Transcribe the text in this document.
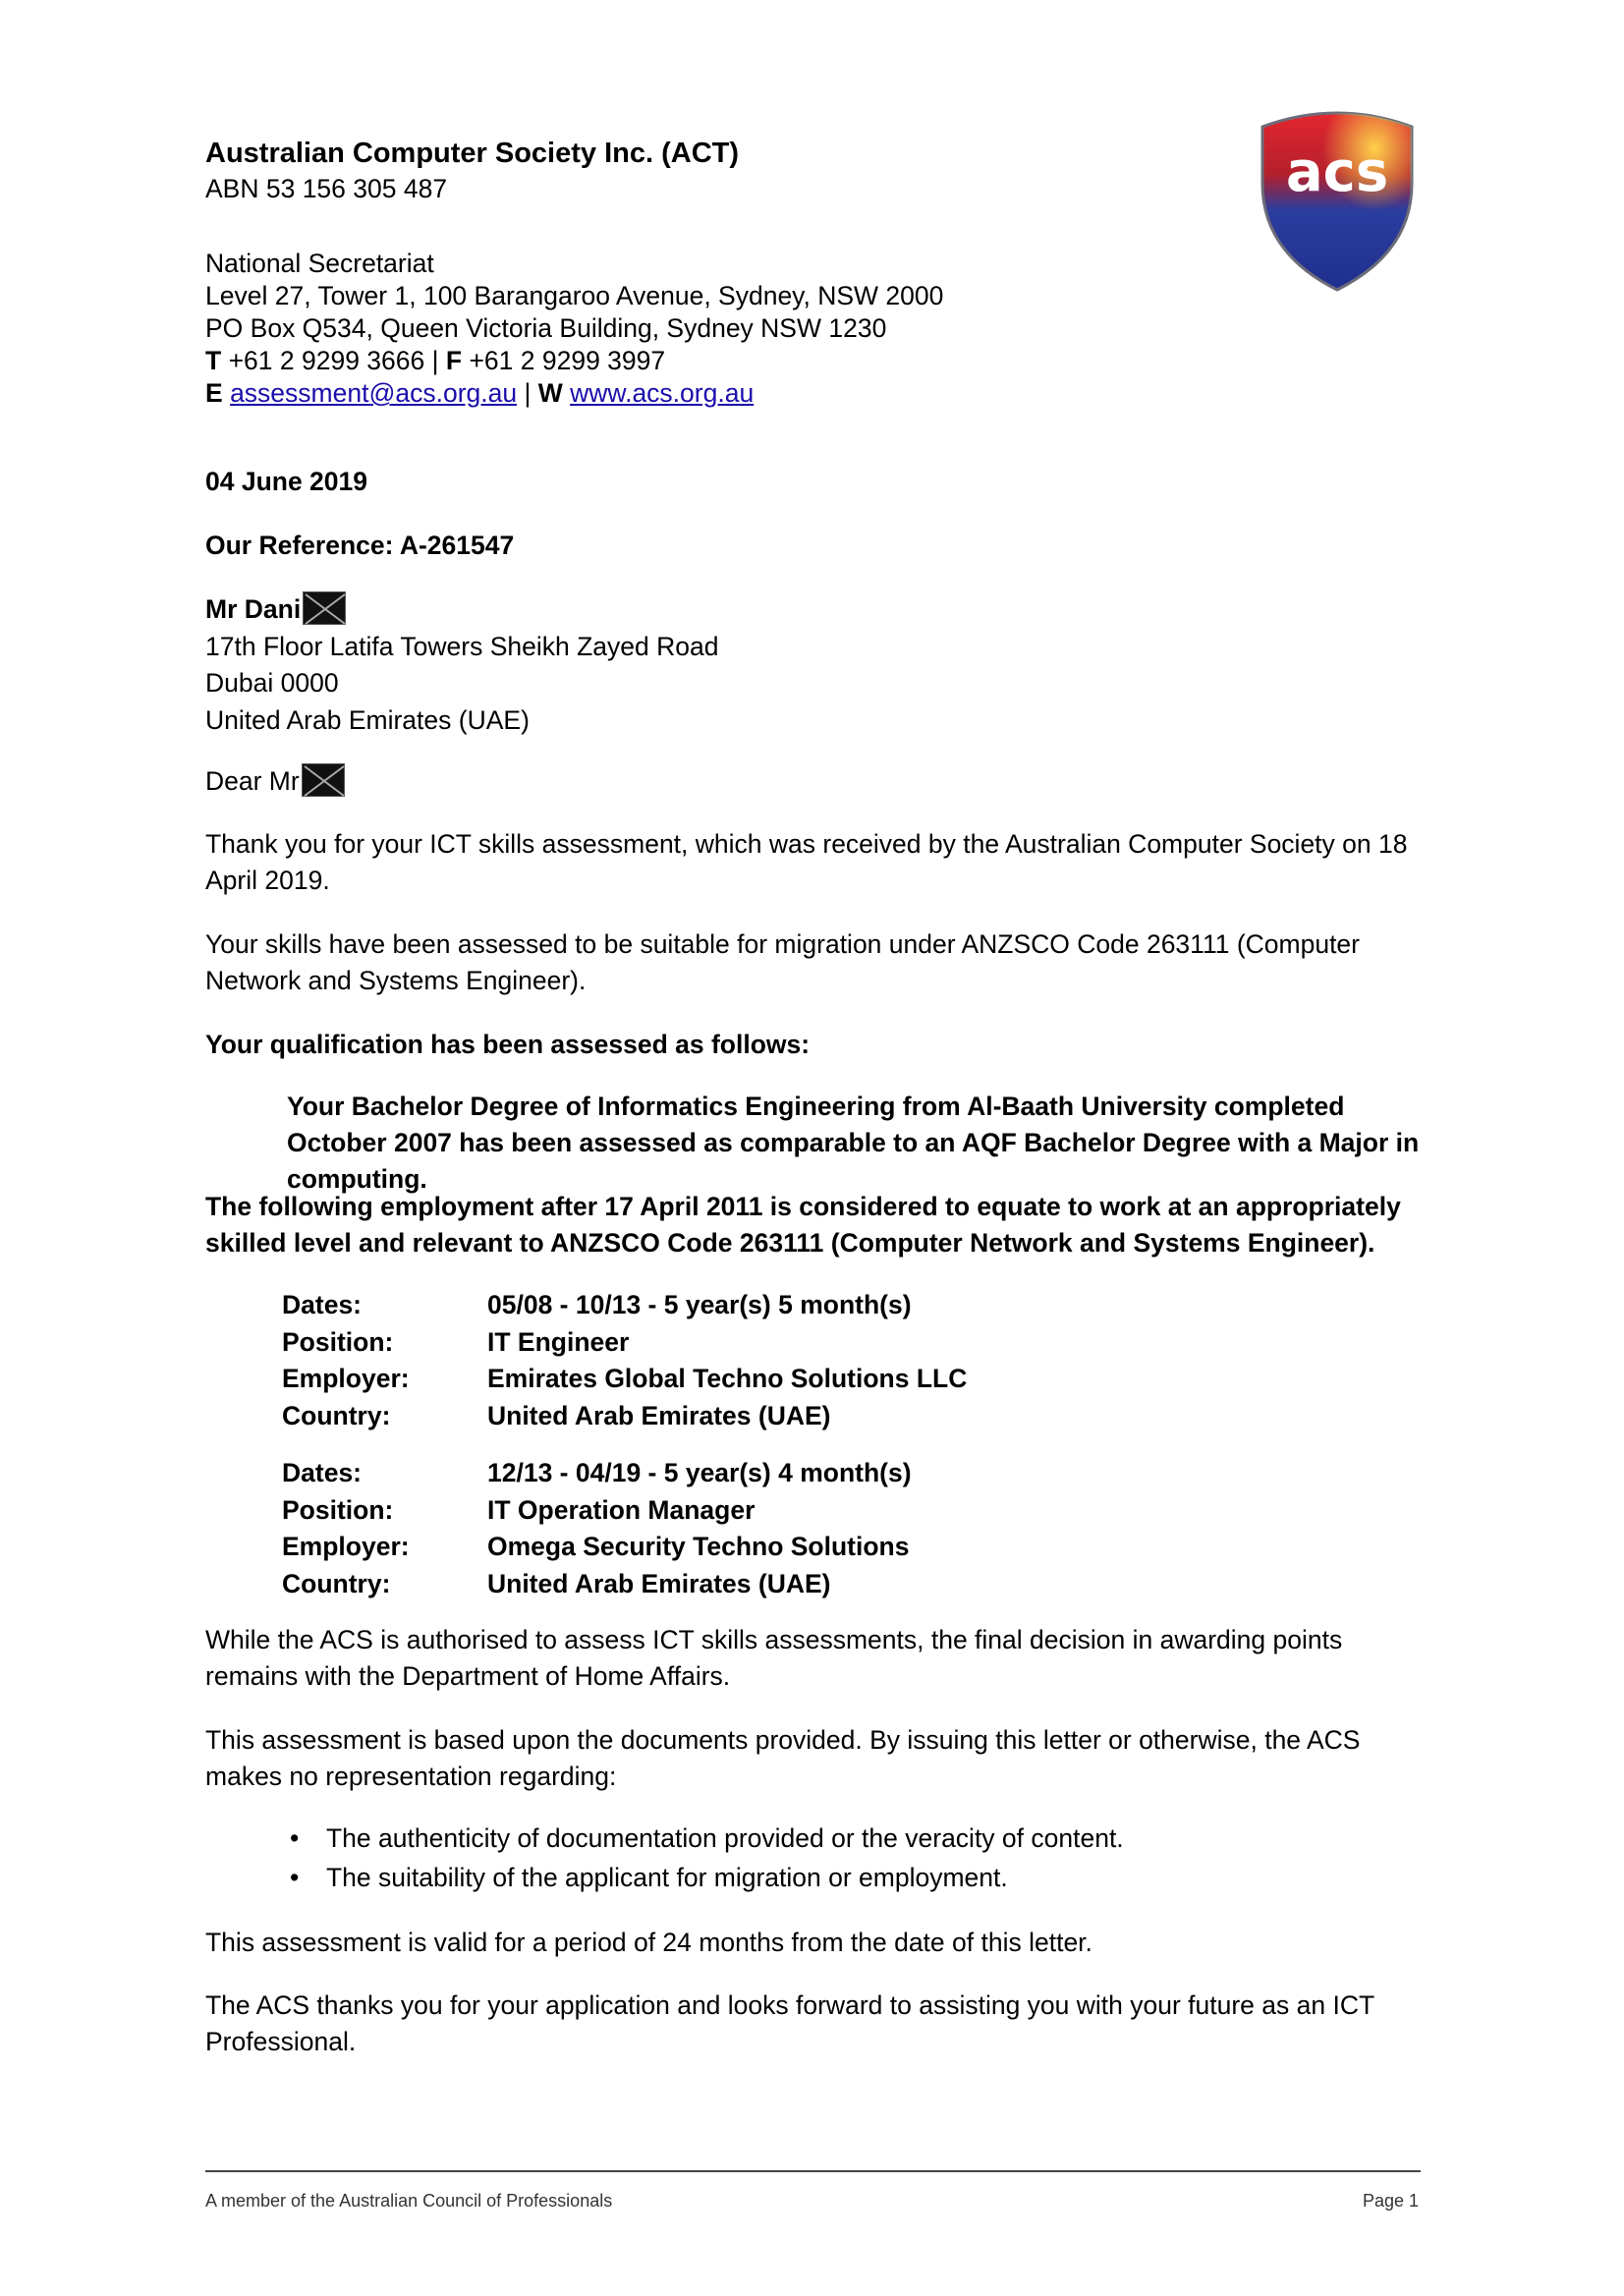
Australian Computer Society Inc. (ACT)
ABN 53 156 305 487
National Secretariat
Level 27, Tower 1, 100 Barangaroo Avenue, Sydney, NSW 2000
PO Box Q534, Queen Victoria Building, Sydney NSW 1230
T +61 2 9299 3666 | F +61 2 9299 3997
E assessment@acs.org.au | W www.acs.org.au
acs
04 June 2019
Our Reference: A-261547
Mr Dani
17th Floor Latifa Towers Sheikh Zayed Road
Dubai 0000
United Arab Emirates (UAE)
Dear Mr

Thank you for your ICT skills assessment, which was received by the Australian Computer Society on 18 April 2019.

Your skills have been assessed to be suitable for migration under ANZSCO Code 263111 (Computer Network and Systems Engineer).

Your qualification has been assessed as follows:

Your Bachelor Degree of Informatics Engineering from Al-Baath University completed October 2007 has been assessed as comparable to an AQF Bachelor Degree with a Major in computing.

The following employment after 17 April 2011 is considered to equate to work at an appropriately skilled level and relevant to ANZSCO Code 263111 (Computer Network and Systems Engineer).

Dates:	05/08 - 10/13 - 5 year(s) 5 month(s)
Position:	IT Engineer
Employer:	Emirates Global Techno Solutions LLC
Country:	United Arab Emirates (UAE)
Dates:	12/13 - 04/19 - 5 year(s) 4 month(s)
Position:	IT Operation Manager
Employer:	Omega Security Techno Solutions
Country:	United Arab Emirates (UAE)

While the ACS is authorised to assess ICT skills assessments, the final decision in awarding points remains with the Department of Home Affairs.

This assessment is based upon the documents provided. By issuing this letter or otherwise, the ACS makes no representation regarding:

• The authenticity of documentation provided or the veracity of content.
• The suitability of the applicant for migration or employment.

This assessment is valid for a period of 24 months from the date of this letter.

The ACS thanks you for your application and looks forward to assisting you with your future as an ICT Professional.

A member of the Australian Council of Professionals	Page 1
